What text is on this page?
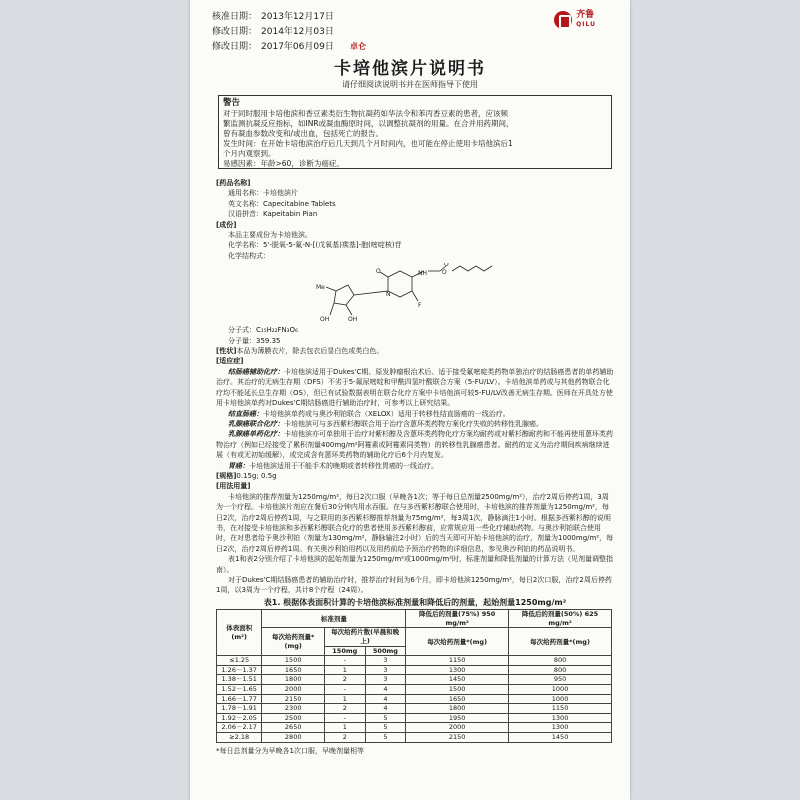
核准日期： 2013年12月17日
修改日期： 2014年12月03日
修改日期： 2017年06月09日
齐鲁
QILU
卓仑
卡培他滨片说明书
请仔细阅读说明书并在医师指导下使用
警告
对于同时服用卡培他滨和香豆素类衍生物抗凝药如华法令和苯丙香豆素的患者，应该频
繁监测抗凝反应指标，如INR或凝血酶原时间，以调整抗凝剂的用量。在合并用药期间，
曾有凝血参数改变和/或出血，包括死亡的报告。
发生时间：在开始卡培他滨治疗后几天到几个月时间内，也可能在停止使用卡培他滨后1
个月内观察到。
易感因素：年龄>60，诊断为癌症。
[药品名称]
通用名称：卡培他滨片
英文名称：Capecitabine Tablets
汉语拼音：Kapeitabin Pian
[成份]
本品主要成份为卡培他滨。
化学名称：5'-脱氧-5-氟-N-[(戊氧基)羰基]-胞(嘧啶核)苷
化学结构式：
O	NH O
O
F
N
Me
OH	OH
分子式：C₁₅H₂₂FN₃O₆
分子量：359.35
[性状]本品为薄膜衣片，除去包衣后显白色或类白色。
[适应症]
结肠癌辅助化疗：卡培他滨适用于Dukes'C期、原发肿瘤根治术后、适于接受氟嘧啶类药物单独治疗的结肠癌患者的单药辅助治疗。其治疗的无病生存期（DFS）不劣于5-氟尿嘧啶和甲酰四氢叶酸联合方案（5-FU/LV）。卡培他滨单药或与其他药物联合化疗均不能延长总生存期（OS），但已有试验数据表明在联合化疗方案中卡培他滨可较5-FU/LV改善无病生存期。医师在开具处方使用卡培他滨单药对Dukes'C期结肠癌进行辅助治疗时，可参考以上研究结果。
结直肠癌：卡培他滨单药或与奥沙利铂联合（XELOX）适用于转移性结直肠癌的一线治疗。
乳腺癌联合化疗：卡培他滨可与多西紫杉醇联合用于治疗含蒽环类药物方案化疗失败的转移性乳腺癌。
乳腺癌单药化疗：卡培他滨亦可单独用于治疗对紫杉醇及含蒽环类药物化疗方案均耐药或对紫杉醇耐药和不能再使用蒽环类药物治疗（例如已经接受了累积剂量400mg/m²阿霉素或阿霉素同类物）的转移性乳腺癌患者。耐药的定义为治疗期间疾病继续进展（有或无初始缓解），或完成含有蒽环类药物的辅助化疗后6个月内复发。
胃癌：卡培他滨适用于不能手术的晚期或者转移性胃癌的一线治疗。
[规格]0.15g; 0.5g
[用法用量]
卡培他滨的推荐剂量为1250mg/m²，每日2次口服（早晚各1次；等于每日总剂量2500mg/m²），治疗2周后停药1周，3周为一个疗程。卡培他滨片剂应在餐后30分钟内用水吞服。在与多西紫杉醇联合使用时，卡培他滨的推荐剂量为1250mg/m²，每日2次，治疗2周后停药1周，与之联用的多西紫杉醇推荐剂量为75mg/m²，每3周1次，静脉滴注1小时。根据多西紫杉醇的说明书，在对接受卡培他滨和多西紫杉醇联合化疗的患者使用多西紫杉醇前，应常规应用一些化疗辅助药物。与奥沙利铂联合使用时，在对患者给予奥沙利铂（剂量为130mg/m²，静脉输注2小时）后的当天即可开始卡培他滨的治疗，剂量为1000mg/m²，每日2次，治疗2周后停药1周。有关奥沙利铂用药以及用药前给予预治疗药物的详细信息，参见奥沙利铂的药品说明书。
表1和表2分别介绍了卡培他滨的起始剂量为1250mg/m²或1000mg/m²时，标准剂量和降低剂量的计算方法（见剂量调整指南）。
对于Dukes'C期结肠癌患者的辅助治疗时，推荐治疗时间为6个月，即卡培他滨1250mg/m²，每日2次口服，治疗2周后停药1周，以3周为一个疗程，共计8个疗程（24周）。
表1. 根据体表面积计算的卡培他滨标准剂量和降低后的剂量，起始剂量1250mg/m²
体表面积(m²)	标准剂量			降低后的剂量(75%) 950 mg/m²	降低后的剂量(50%) 625 mg/m²
	每次给药剂量*(mg)	每次给药片数(早晨和晚上)		每次给药剂量*(mg)	每次给药剂量*(mg)
		150mg	500mg		
≤1.25	1500	-	3	1150	800
1.26－1.37	1650	1	3	1300	800
1.38－1.51	1800	2	3	1450	950
1.52－1.65	2000	-	4	1500	1000
1.66－1.77	2150	1	4	1650	1000
1.78－1.91	2300	2	4	1800	1150
1.92－2.05	2500	-	5	1950	1300
2.06－2.17	2650	1	5	2000	1300
≥2.18	2800	2	5	2150	1450
*每日总剂量分为早晚各1次口服，早晚剂量相等
